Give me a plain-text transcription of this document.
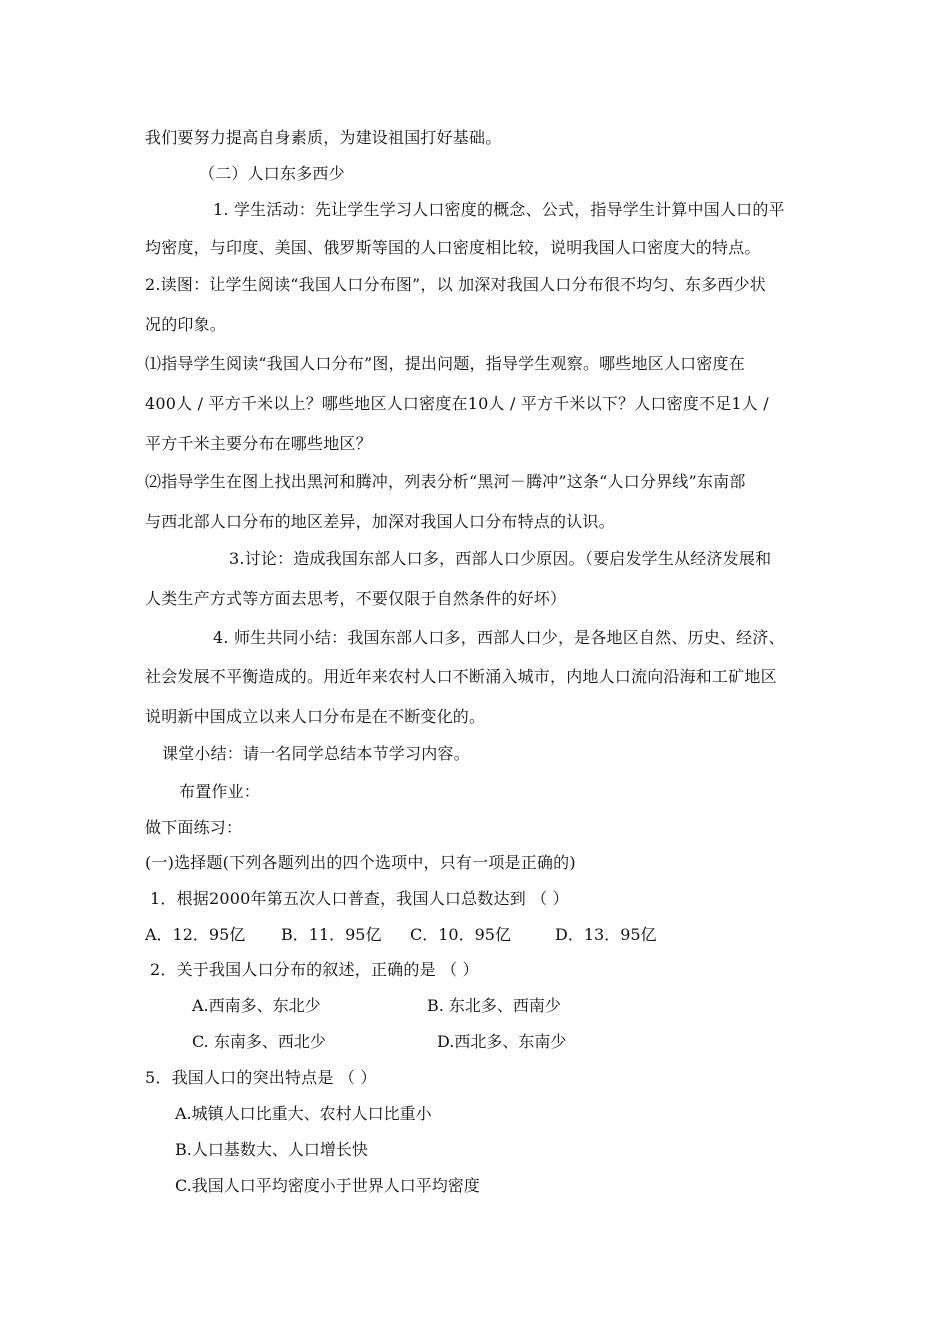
我们要努力提高自身素质，为建设祖国打好基础。
（二）人口东多西少
1. 学生活动：先让学生学习人口密度的概念、公式，指导学生计算中国人口的平
均密度，与印度、美国、俄罗斯等国的人口密度相比较，说明我国人口密度大的特点。
2.读图：让学生阅读“我国人口分布图”，以 加深对我国人口分布很不均匀、东多西少状
况的印象。
⑴指导学生阅读“我国人口分布”图，提出问题，指导学生观察。哪些地区人口密度在
400人 / 平方千米以上？哪些地区人口密度在10人 / 平方千米以下？人口密度不足1人 /
平方千米主要分布在哪些地区？
⑵指导学生在图上找出黑河和腾冲，列表分析“黑河－腾冲”这条“人口分界线”东南部
与西北部人口分布的地区差异，加深对我国人口分布特点的认识。
3.讨论：造成我国东部人口多，西部人口少原因。（要启发学生从经济发展和
人类生产方式等方面去思考，不要仅限于自然条件的好坏）
4. 师生共同小结：我国东部人口多，西部人口少，是各地区自然、历史、经济、
社会发展不平衡造成的。用近年来农村人口不断涌入城市，内地人口流向沿海和工矿地区
说明新中国成立以来人口分布是在不断变化的。
课堂小结：请一名同学总结本节学习内容。
布置作业：
做下面练习：
(一)选择题(下列各题列出的四个选项中，只有一项是正确的)
1．根据2000年第五次人口普查，我国人口总数达到 （ ）
A．12．95亿 B．11．95亿 C．10．95亿	D．13．95亿
2．关于我国人口分布的叙述，正确的是 （ ）
A.西南多、东北少	B. 东北多、西南少
C. 东南多、西北少	D.西北多、东南少
5．我国人口的突出特点是 （ ）
A.城镇人口比重大、农村人口比重小
B.人口基数大、人口增长快
C.我国人口平均密度小于世界人口平均密度
